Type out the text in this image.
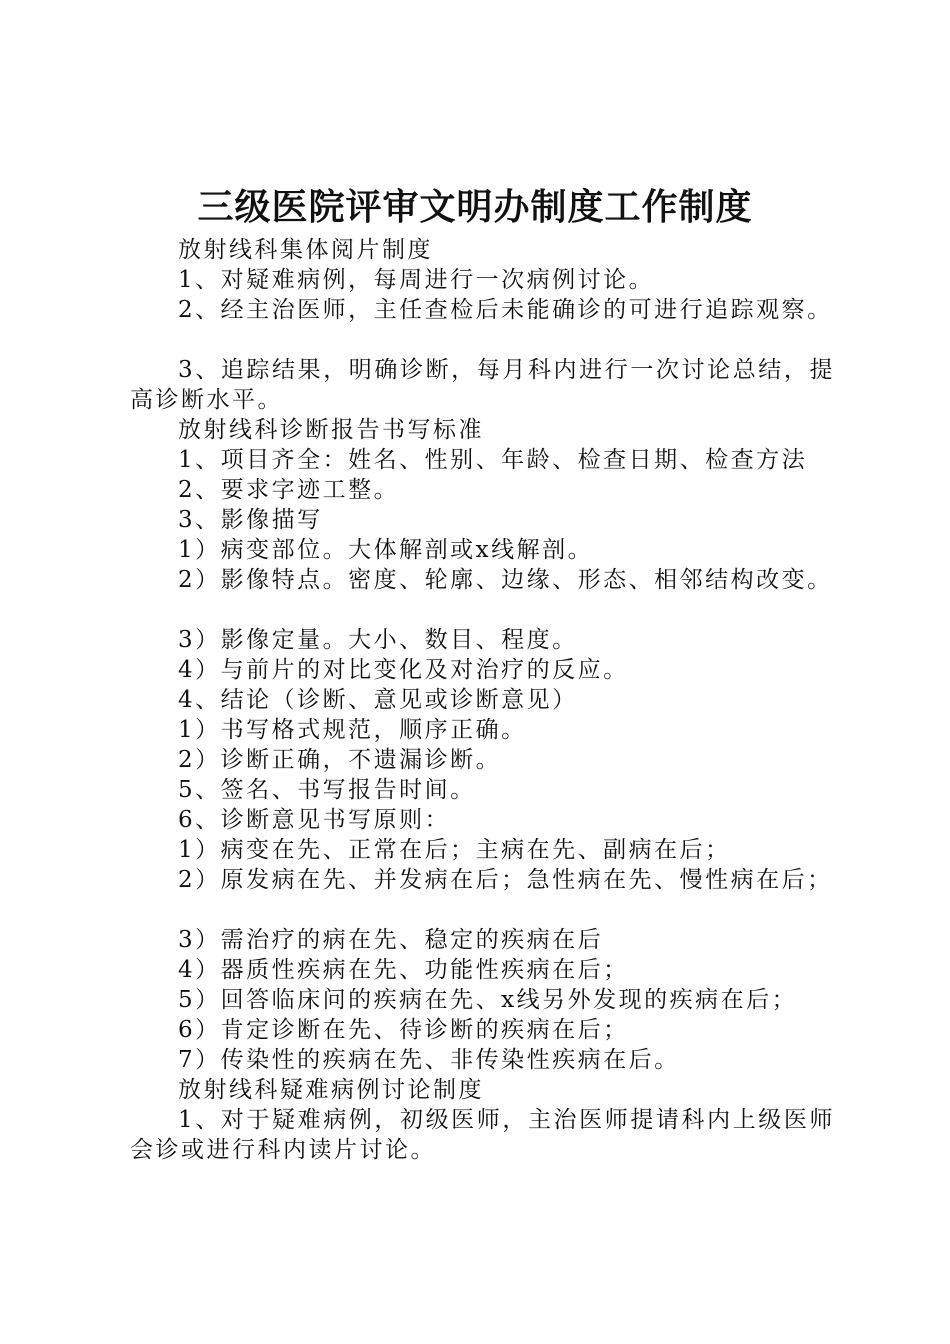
三级医院评审文明办制度工作制度
放射线科集体阅片制度
1、对疑难病例，每周进行一次病例讨论。
2、经主治医师，主任查检后未能确诊的可进行追踪观察。
3、追踪结果，明确诊断，每月科内进行一次讨论总结，提高诊断水平。
放射线科诊断报告书写标准
1、项目齐全：姓名、性别、年龄、检查日期、检查方法
2、要求字迹工整。
3、影像描写
1）病变部位。大体解剖或x线解剖。
2）影像特点。密度、轮廓、边缘、形态、相邻结构改变。
3）影像定量。大小、数目、程度。
4）与前片的对比变化及对治疗的反应。
4、结论（诊断、意见或诊断意见）
1）书写格式规范，顺序正确。
2）诊断正确，不遗漏诊断。
5、签名、书写报告时间。
6、诊断意见书写原则：
1）病变在先、正常在后；主病在先、副病在后；
2）原发病在先、并发病在后；急性病在先、慢性病在后；
3）需治疗的病在先、稳定的疾病在后
4）器质性疾病在先、功能性疾病在后；
5）回答临床问的疾病在先、x线另外发现的疾病在后；
6）肯定诊断在先、待诊断的疾病在后；
7）传染性的疾病在先、非传染性疾病在后。
放射线科疑难病例讨论制度
1、对于疑难病例，初级医师，主治医师提请科内上级医师会诊或进行科内读片讨论。
